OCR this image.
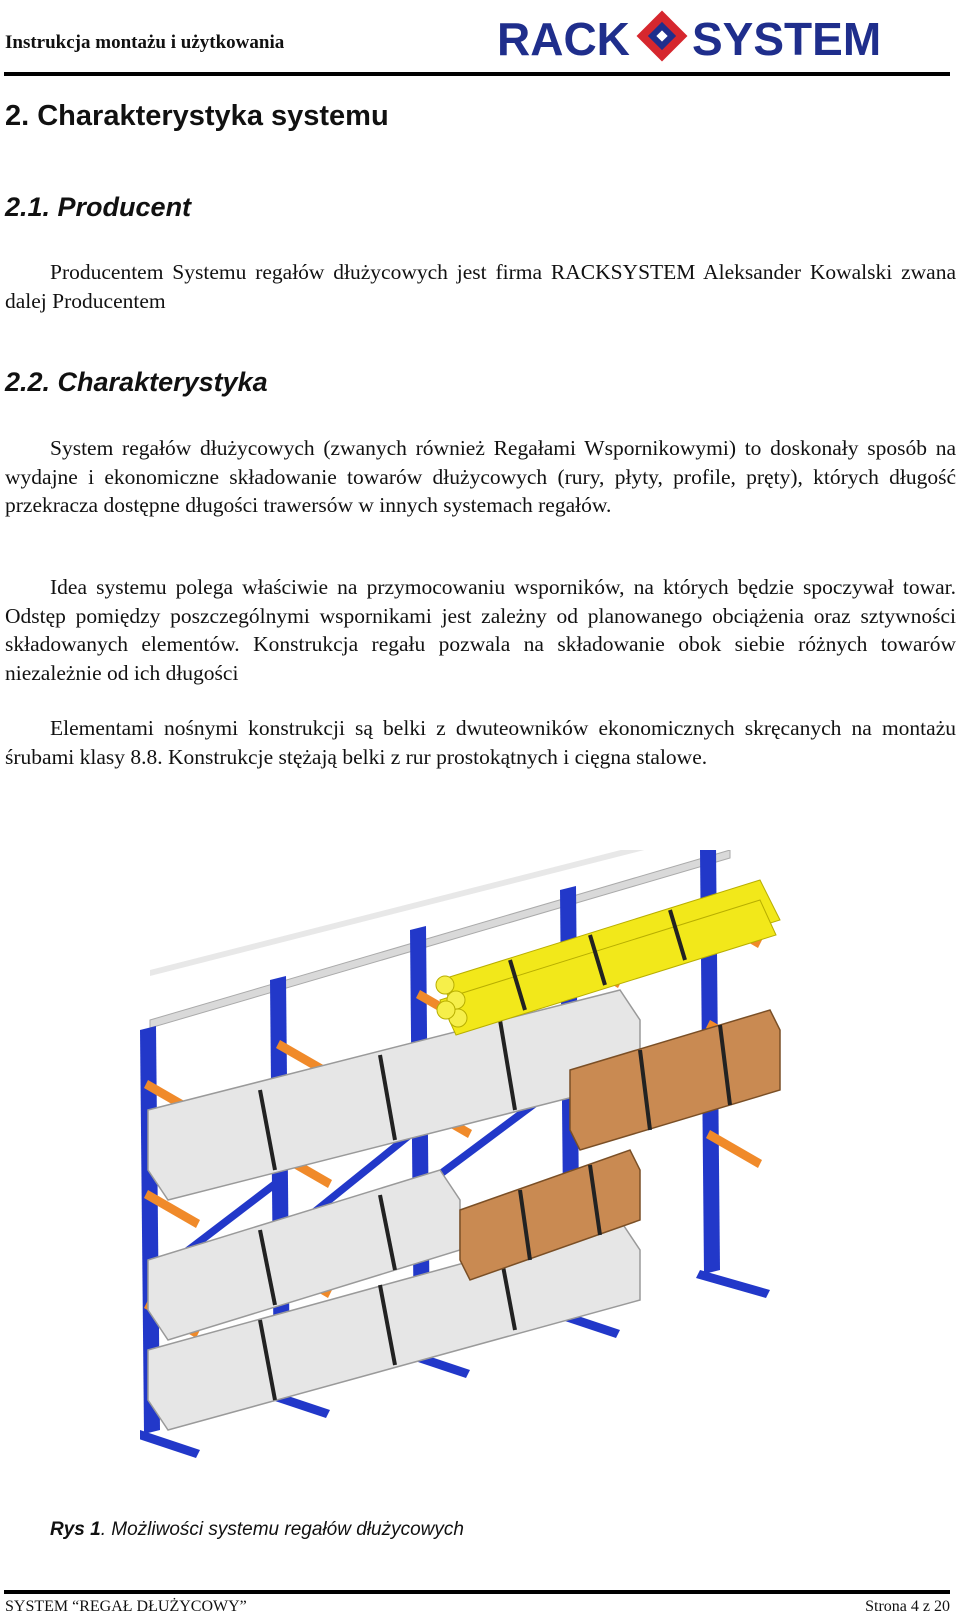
Instrukcja montażu i użytkowania	RACK SYSTEM
2. Charakterystyka systemu
2.1. Producent
Producentem Systemu regałów dłużycowych jest firma RACKSYSTEM Aleksander Kowalski zwana dalej Producentem
2.2. Charakterystyka
System regałów dłużycowych (zwanych również Regałami Wspornikowymi) to doskonały sposób na wydajne i ekonomiczne składowanie towarów dłużycowych (rury, płyty, profile, pręty), których długość przekracza dostępne długości trawersów w innych systemach regałów.
Idea systemu polega właściwie na przymocowaniu wsporników, na których będzie spoczywał towar. Odstęp pomiędzy poszczególnymi wspornikami jest zależny od planowanego obciążenia oraz sztywności składowanych elementów. Konstrukcja regału pozwala na składowanie obok siebie różnych towarów niezależnie od ich długości
Elementami nośnymi konstrukcji są belki z dwuteowników ekonomicznych skręcanych na montażu śrubami klasy 8.8. Konstrukcje stężają belki z rur prostokątnych i cięgna stalowe.
Rys 1. Możliwości systemu regałów dłużycowych
SYSTEM “REGAŁ DŁUŻYCOWY”	Strona 4 z 20
